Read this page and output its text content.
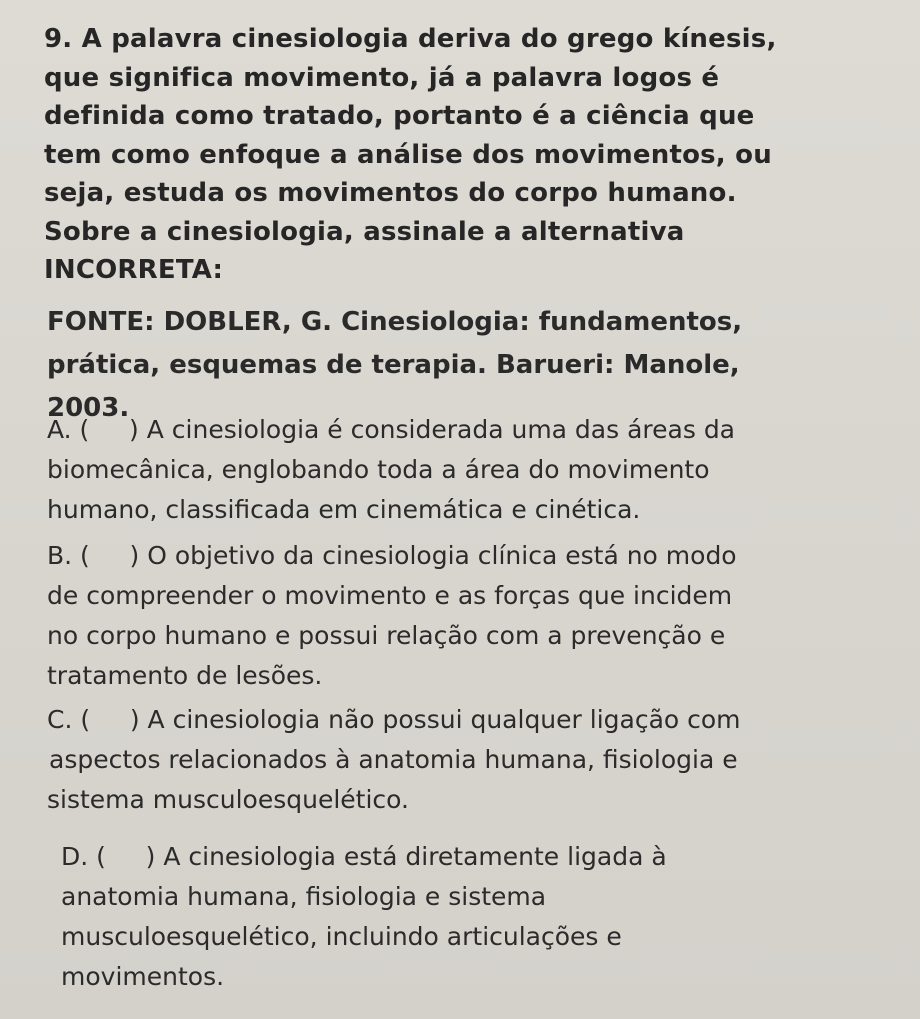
9. A palavra cinesiologia deriva do grego kínesis,
que significa movimento, já a palavra logos é
definida como tratado, portanto é a ciência que
tem como enfoque a análise dos movimentos, ou
seja, estuda os movimentos do corpo humano.
Sobre a cinesiologia, assinale a alternativa
INCORRETA:
FONTE: DOBLER, G. Cinesiologia: fundamentos,
prática, esquemas de terapia. Barueri: Manole,
2003.
A. (     ) A cinesiologia é considerada uma das áreas da
biomecânica, englobando toda a área do movimento
humano, classificada em cinemática e cinética.
B. (     ) O objetivo da cinesiologia clínica está no modo
de compreender o movimento e as forças que incidem
no corpo humano e possui relação com a prevenção e
tratamento de lesões.
C. (     ) A cinesiologia não possui qualquer ligação com
aspectos relacionados à anatomia humana, fisiologia e
sistema musculoesquelético.
D. (     ) A cinesiologia está diretamente ligada à
anatomia humana, fisiologia e sistema
musculoesquelético, incluindo articulações e
movimentos.
